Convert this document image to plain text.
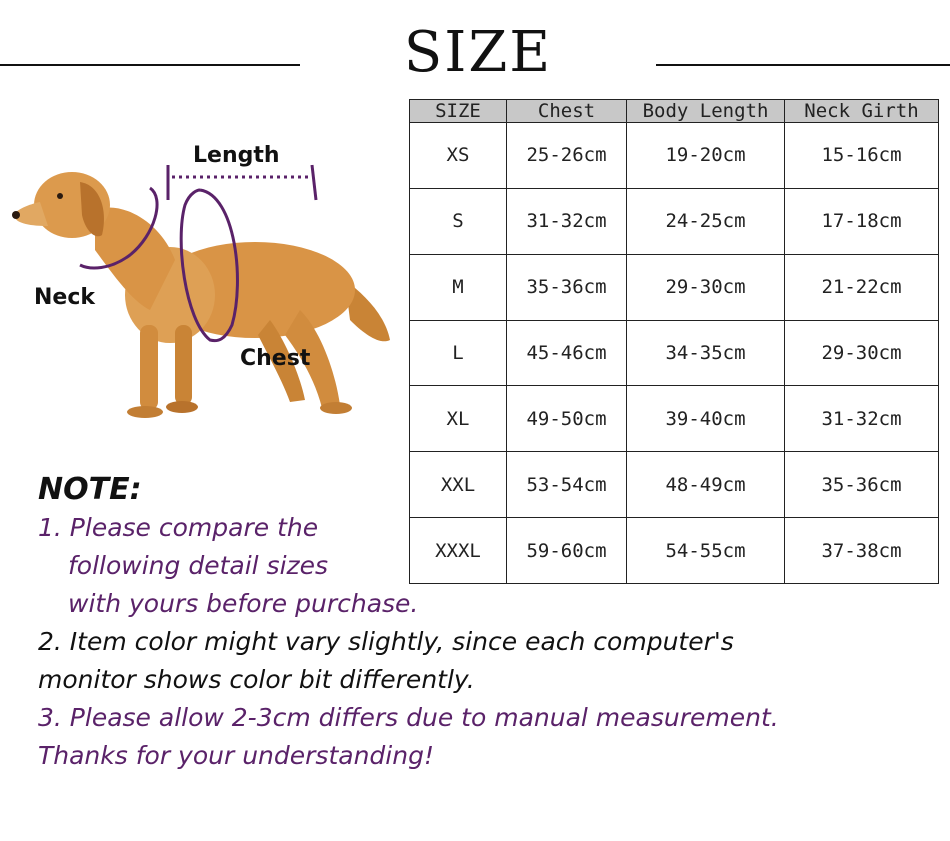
SIZE
Length
Neck
Chest
SIZE	Chest	Body Length	Neck Girth
XS	25-26cm	19-20cm	15-16cm
S	31-32cm	24-25cm	17-18cm
M	35-36cm	29-30cm	21-22cm
L	45-46cm	34-35cm	29-30cm
XL	49-50cm	39-40cm	31-32cm
XXL	53-54cm	48-49cm	35-36cm
XXXL	59-60cm	54-55cm	37-38cm
NOTE:
1. Please compare the
following detail sizes
with yours before purchase.
2. Item color might vary slightly, since each computer's
monitor shows color bit differently.
3. Please allow 2-3cm differs due to manual measurement.
Thanks for your understanding!
